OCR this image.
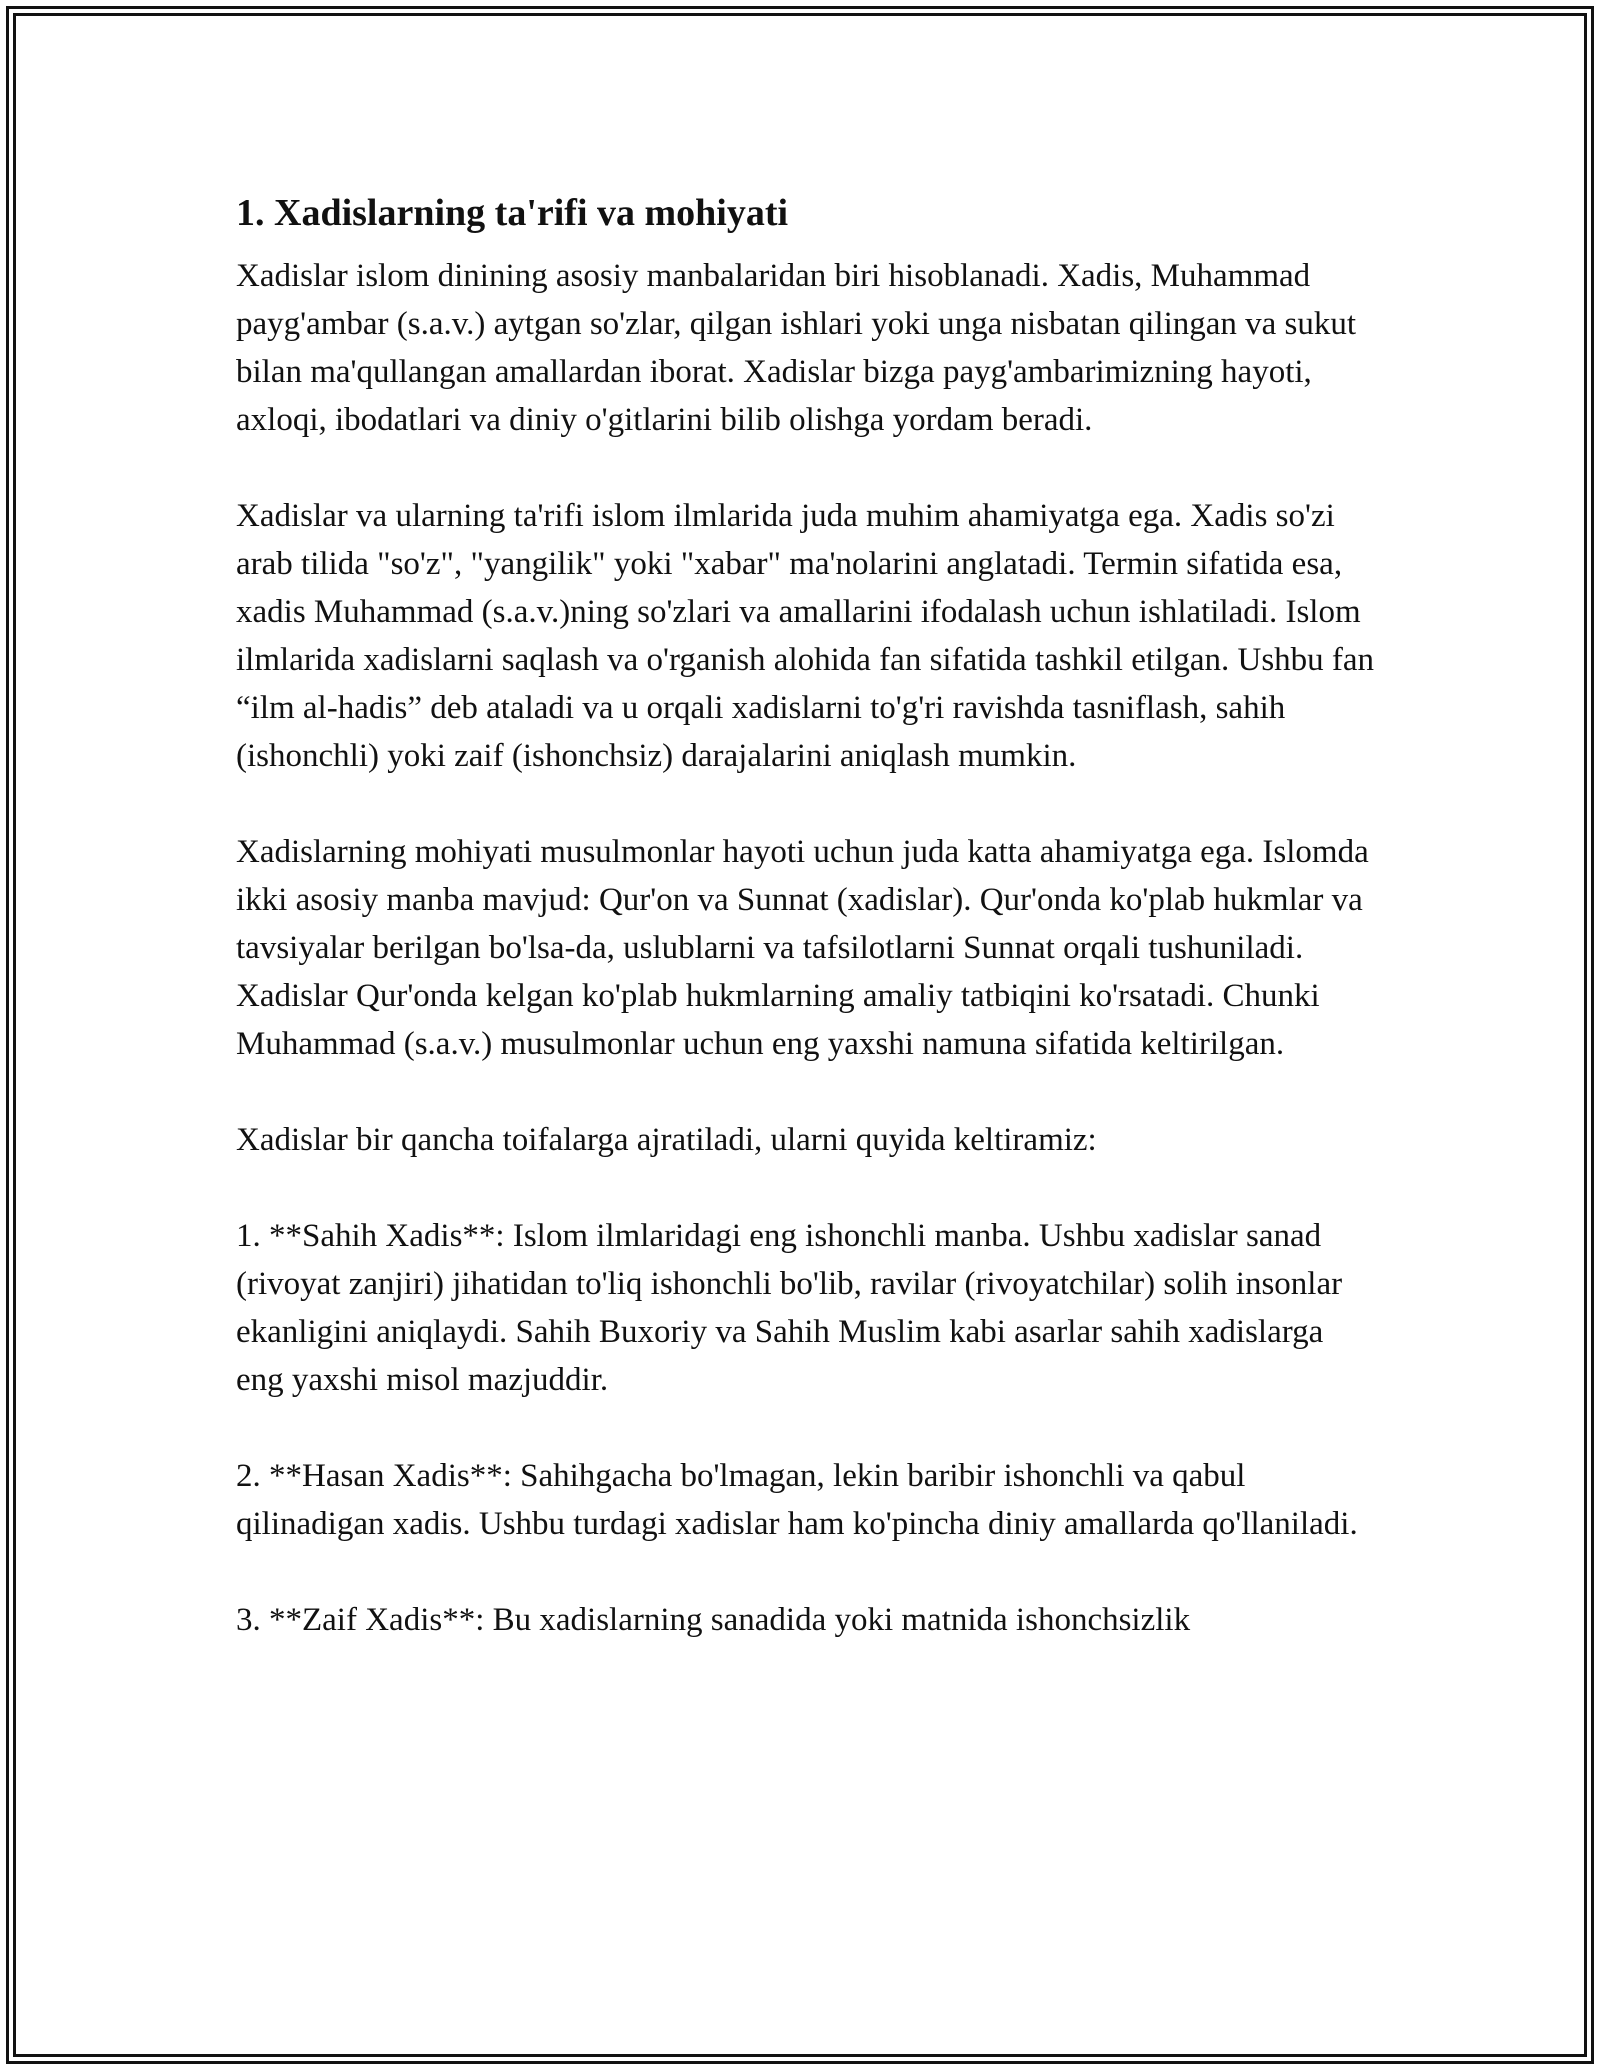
1. Xadislarning ta'rifi va mohiyati

Xadislar islom dinining asosiy manbalaridan biri hisoblanadi. Xadis, Muhammad payg'ambar (s.a.v.) aytgan so'zlar, qilgan ishlari yoki unga nisbatan qilingan va sukut bilan ma'qullangan amallardan iborat. Xadislar bizga payg'ambarimizning hayoti, axloqi, ibodatlari va diniy o'gitlarini bilib olishga yordam beradi.

Xadislar va ularning ta'rifi islom ilmlarida juda muhim ahamiyatga ega. Xadis so'zi arab tilida "so'z", "yangilik" yoki "xabar" ma'nolarini anglatadi. Termin sifatida esa, xadis Muhammad (s.a.v.)ning so'zlari va amallarini ifodalash uchun ishlatiladi. Islom ilmlarida xadislarni saqlash va o'rganish alohida fan sifatida tashkil etilgan. Ushbu fan “ilm al-hadis” deb ataladi va u orqali xadislarni to'g'ri ravishda tasniflash, sahih (ishonchli) yoki zaif (ishonchsiz) darajalarini aniqlash mumkin.

Xadislarning mohiyati musulmonlar hayoti uchun juda katta ahamiyatga ega. Islomda ikki asosiy manba mavjud: Qur'on va Sunnat (xadislar). Qur'onda ko'plab hukmlar va tavsiyalar berilgan bo'lsa-da, uslublarni va tafsilotlarni Sunnat orqali tushuniladi. Xadislar Qur'onda kelgan ko'plab hukmlarning amaliy tatbiqini ko'rsatadi. Chunki Muhammad (s.a.v.) musulmonlar uchun eng yaxshi namuna sifatida keltirilgan.

Xadislar bir qancha toifalarga ajratiladi, ularni quyida keltiramiz:

1. **Sahih Xadis**: Islom ilmlaridagi eng ishonchli manba. Ushbu xadislar sanad (rivoyat zanjiri) jihatidan to'liq ishonchli bo'lib, ravilar (rivoyatchilar) solih insonlar ekanligini aniqlaydi. Sahih Buxoriy va Sahih Muslim kabi asarlar sahih xadislarga eng yaxshi misol mazjuddir.

2. **Hasan Xadis**: Sahihgacha bo'lmagan, lekin baribir ishonchli va qabul qilinadigan xadis. Ushbu turdagi xadislar ham ko'pincha diniy amallarda qo'llaniladi.

3. **Zaif Xadis**: Bu xadislarning sanadida yoki matnida ishonchsizlik
